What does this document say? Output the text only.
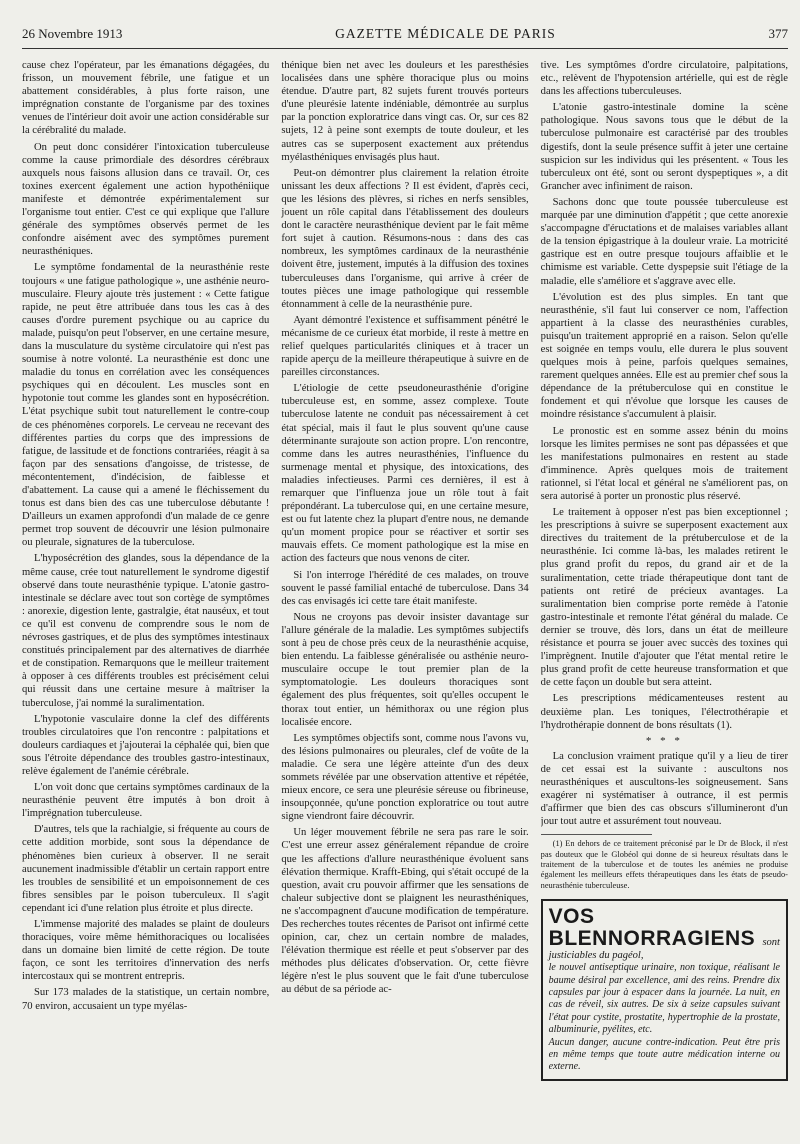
26 Novembre 1913	GAZETTE MÉDICALE DE PARIS	377

cause chez l'opérateur, par les émanations dégagées, du frisson, un mouvement fébrile, une fatigue et un abattement considérables, à plus forte raison, une imprégnation constante de l'organisme par des toxines venues de l'intérieur doit avoir une action considérable sur la cérébralité du malade.

On peut donc considérer l'intoxication tuberculeuse comme la cause primordiale des désordres cérébraux auxquels nous faisons allusion dans ce travail. Or, ces toxines exercent également une action hypothéniique manifeste et démontrée expérimentalement sur l'organisme tout entier. C'est ce qui explique que l'allure générale des symptômes observés permet de les confondre aisément avec des symptômes purement neurasthéniques.

Le symptôme fondamental de la neurasthénie reste toujours « une fatigue pathologique », une asthénie neuro-musculaire. Fleury ajoute très justement : « Cette fatigue rapide, ne peut être attribuée dans tous les cas à des causes d'ordre purement psychique ou au caprice du malade, puisqu'on peut l'observer, en une certaine mesure, dans la musculature du système circulatoire qui n'est pas soumise à notre volonté. La neurasthénie est donc une maladie du tonus en corrélation avec les conséquences psychiques qui en découlent. Les muscles sont en hypotonie tout comme les glandes sont en hyposécrétion. L'état psychique subit tout naturellement le contre-coup de ces phénomènes corporels. Le cerveau ne recevant des différentes parties du corps que des impressions de fatigue, de lassitude et de fonctions contrariées, réagit à sa façon par des sensations d'angoisse, de tristesse, de mécontentement, d'indécision, de faiblesse et d'abattement. La cause qui a amené le fléchissement du tonus est dans bien des cas une tuberculose débutante ! D'ailleurs un examen approfondi d'un malade de ce genre permet trop souvent de découvrir une lésion pulmonaire ou pleurale, signatures de la tuberculose.

L'hyposécrétion des glandes, sous la dépendance de la même cause, crée tout naturellement le syndrome digestif observé dans toute neurasthénie typique. L'atonie gastro-intestinale se déclare avec tout son cortège de symptômes : anorexie, digestion lente, gastralgie, état nauséux, et tout ce qu'il est convenu de comprendre sous le nom de névroses gastriques, et de plus des symptômes intestinaux constitués principalement par des alternatives de diarrhée et de constipation. Remarquons que le meilleur traitement à opposer à ces différents troubles est précisément celui qui réussit dans une certaine mesure à maîtriser la tuberculose, j'ai nommé la suralimentation.

L'hypotonie vasculaire donne la clef des différents troubles circulatoires que l'on rencontre : palpitations et douleurs cardiaques et j'ajouterai la céphalée qui, bien que sous l'étroite dépendance des troubles gastro-intestinaux, relève également de l'anémie cérébrale.

L'on voit donc que certains symptômes cardinaux de la neurasthénie peuvent être imputés à bon droit à l'imprégnation tuberculeuse.

D'autres, tels que la rachialgie, si fréquente au cours de cette addition morbide, sont sous la dépendance de phénomènes bien curieux à observer. Il ne serait aucunement inadmissible d'établir un certain rapport entre les troubles de sensibilité et un empoisonnement de ces fibres sensibles par le poison tuberculeux. Il s'agit cependant ici d'une relation plus étroite et plus directe.

L'immense majorité des malades se plaint de douleurs thoraciques, voire même hémithoraciques ou localisées dans un domaine bien limité de cette région. De toute façon, ce sont les territoires d'innervation des nerfs intercostaux qui se montrent entrepris.

Sur 173 malades de la statistique, un certain nombre, 70 environ, accusaient un type myélas-

thénique bien net avec les douleurs et les paresthésies localisées dans une sphère thoracique plus ou moins étendue. D'autre part, 82 sujets furent trouvés porteurs d'une pleurésie latente indéniable, démontrée au surplus par la ponction exploratrice dans vingt cas. Or, sur ces 82 sujets, 12 à peine sont exempts de toute douleur, et les autres cas se superposent exactement aux prétendus myélasthéniques envisagés plus haut.

Peut-on démontrer plus clairement la relation étroite unissant les deux affections ? Il est évident, d'après ceci, que les lésions des plèvres, si riches en nerfs sensibles, jouent un rôle capital dans l'établissement des douleurs dont le caractère neurasthénique devient par le fait même fort sujet à caution. Résumons-nous : dans des cas nombreux, les symptômes cardinaux de la neurasthénie doivent être, justement, imputés à la diffusion des toxines tuberculeuses dans l'organisme, qui arrive à créer de toutes pièces une image pathologique qui ressemble étonnamment à celle de la neurasthénie pure.

Ayant démontré l'existence et suffisamment pénétré le mécanisme de ce curieux état morbide, il reste à mettre en relief quelques particularités cliniques et à tracer un rapide aperçu de la meilleure thérapeutique à suivre en de pareilles circonstances.

L'étiologie de cette pseudoneurasthénie d'origine tuberculeuse est, en somme, assez complexe. Toute tuberculose latente ne conduit pas nécessairement à cet état spécial, mais il faut le plus souvent qu'une cause déterminante surajoute son action propre. L'on rencontre, comme dans les autres neurasthénies, l'influence du surmenage mental et physique, des intoxications, des maladies infectieuses. Parmi ces dernières, il est à remarquer que l'influenza joue un rôle tout à fait prépondérant. La tuberculose qui, en une certaine mesure, est ou fut latente chez la plupart d'entre nous, ne demande qu'un moment propice pour se réactiver et sortir ses mauvais effets. Ce moment pathologique est la mise en action des facteurs que nous venons de citer.

Si l'on interroge l'hérédité de ces malades, on trouve souvent le passé familial entaché de tuberculose. Dans 34 des cas envisagés ici cette tare était manifeste.

Nous ne croyons pas devoir insister davantage sur l'allure générale de la maladie. Les symptômes subjectifs sont à peu de chose près ceux de la neurasthénie acquise, bien entendu. La faiblesse généralisée ou asthénie neuro-musculaire occupe le tout premier plan de la symptomatologie. Les douleurs thoraciques sont également des plus fréquentes, soit qu'elles occupent le thorax tout entier, un hémithorax ou une région plus localisée encore.

Les symptômes objectifs sont, comme nous l'avons vu, des lésions pulmonaires ou pleurales, clef de voûte de la maladie. Ce sera une légère atteinte d'un des deux sommets révélée par une observation attentive et répétée, mieux encore, ce sera une pleurésie séreuse ou fibrineuse, insoupçonnée, qu'une ponction exploratrice ou tout autre signe viendront faire découvrir.

Un léger mouvement fébrile ne sera pas rare le soir. C'est une erreur assez généralement répandue de croire que les affections d'allure neurasthénique évoluent sans élévation thermique. Krafft-Ebing, qui s'était occupé de la question, avait cru pouvoir affirmer que les sensations de chaleur subjective dont se plaignent les neurasthéniques, ne s'accompagnent d'aucune modification de température. Des recherches toutes récentes de Parisot ont infirmé cette opinion, car, chez un certain nombre de malades, l'élévation thermique est réelle et peut s'observer par des méthodes plus délicates d'observation. Or, cette fièvre légère n'est le plus souvent que le fait d'une tuberculose au début de sa période ac-

tive. Les symptômes d'ordre circulatoire, palpitations, etc., relèvent de l'hypotension artérielle, qui est de règle dans les affections tuberculeuses.

L'atonie gastro-intestinale domine la scène pathologique. Nous savons tous que le début de la tuberculose pulmonaire est caractérisé par des troubles digestifs, dont la seule présence suffit à jeter une certaine suspicion sur les individus qui les présentent. « Tous les tuberculeux ont été, sont ou seront dyspeptiques », a dit Grancher avec infiniment de raison.

Sachons donc que toute poussée tuberculeuse est marquée par une diminution d'appétit ; que cette anorexie s'accompagne d'éructations et de malaises variables allant de la tension épigastrique à la douleur vraie. La motricité gastrique est en outre presque toujours affaiblie et le chimisme est variable. Cette dyspepsie suit l'étiage de la maladie, elle s'améliore et s'aggrave avec elle.

L'évolution est des plus simples. En tant que neurasthénie, s'il faut lui conserver ce nom, l'affection appartient à la classe des neurasthénies curables, puisqu'un traitement approprié en a raison. Selon qu'elle est soignée en temps voulu, elle durera le plus souvent quelques mois à peine, parfois quelques semaines, rarement quelques années. Elle est au premier chef sous la dépendance de la prétuberculose qui en constitue le fondement et qui n'évolue que lorsque les causes de moindre résistance s'accumulent à plaisir.

Le pronostic est en somme assez bénin du moins lorsque les limites permises ne sont pas dépassées et que les manifestations pulmonaires en restent au stade d'imminence. Après quelques mois de traitement rationnel, si l'état local et général ne s'améliorent pas, on sera autorisé à porter un pronostic plus réservé.

Le traitement à opposer n'est pas bien exceptionnel ; les prescriptions à suivre se superposent exactement aux directives du traitement de la prétuberculose et de la neurasthénie. Ici comme là-bas, les malades retirent le plus grand profit du repos, du grand air et de la suralimentation, cette triade thérapeutique dont tant de patients ont retiré de précieux avantages. La suralimentation bien comprise porte remède à l'atonie gastro-intestinale et remonte l'état général du malade. Ce dernier se trouve, dès lors, dans un état de meilleure résistance et pourra se jouer avec succès des toxines qui l'imprègnent. Inutile d'ajouter que l'état mental retire le plus grand profit de cette heureuse transformation et que de cette façon un double but sera atteint.

Les prescriptions médicamenteuses restent au deuxième plan. Les toniques, l'électrothérapie et l'hydrothérapie donnent de bons résultats (1).

* * *

La conclusion vraiment pratique qu'il y a lieu de tirer de cet essai est la suivante : auscultons nos neurasthéniques et auscultons-les soigneusement. Sans exagérer ni systématiser à outrance, il est permis d'affirmer que bien des cas obscurs s'illumineront d'un jour tout autre et assurément tout nouveau.

(1) En dehors de ce traitement préconisé par le Dr de Block, il n'est pas douteux que le Globéol qui donne de si heureux résultats dans le traitement de la tuberculose et de toutes les anémies ne produise également les meilleurs effets thérapeutiques dans les états de pseudo-neurasthénie tuberculeuse.

VOS BLENNORRAGIENS sont justiciables du pagéol,
le nouvel antiseptique urinaire, non toxique, réalisant le baume désiral par excellence, ami des reins. Prendre dix capsules par jour à espacer dans la journée. La nuit, en cas de réveil, six autres. De six à seize capsules suivant l'état pour cystite, prostatite, hypertrophie de la prostate, albuminurie, pyélites, etc.
Aucun danger, aucune contre-indication. Peut être pris en même temps que toute autre médication interne ou externe.
